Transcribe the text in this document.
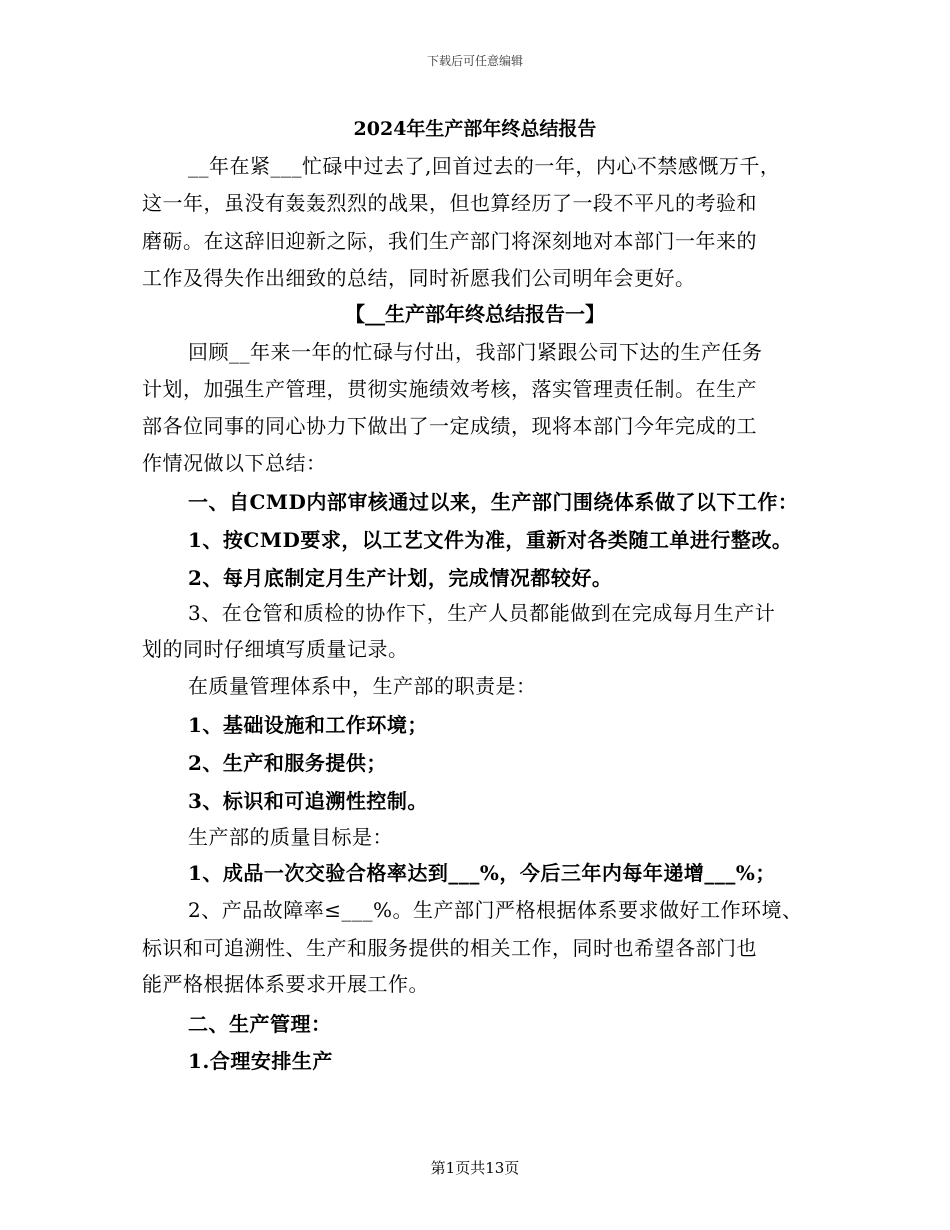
下载后可任意编辑
2024年生产部年终总结报告
__年在紧___忙碌中过去了,回首过去的一年，内心不禁感慨万千，
这一年，虽没有轰轰烈烈的战果，但也算经历了一段不平凡的考验和
磨砺。在这辞旧迎新之际，我们生产部门将深刻地对本部门一年来的
工作及得失作出细致的总结，同时祈愿我们公司明年会更好。
【__生产部年终总结报告一】
回顾__年来一年的忙碌与付出，我部门紧跟公司下达的生产任务
计划，加强生产管理，贯彻实施绩效考核，落实管理责任制。在生产
部各位同事的同心协力下做出了一定成绩，现将本部门今年完成的工
作情况做以下总结：
一、自CMD内部审核通过以来，生产部门围绕体系做了以下工作：
1、按CMD要求，以工艺文件为准，重新对各类随工单进行整改。
2、每月底制定月生产计划，完成情况都较好。
3、在仓管和质检的协作下，生产人员都能做到在完成每月生产计
划的同时仔细填写质量记录。
在质量管理体系中，生产部的职责是：
1、基础设施和工作环境；
2、生产和服务提供；
3、标识和可追溯性控制。
生产部的质量目标是：
1、成品一次交验合格率达到___%，今后三年内每年递增___%；
2、产品故障率≤___%。生产部门严格根据体系要求做好工作环境、
标识和可追溯性、生产和服务提供的相关工作，同时也希望各部门也
能严格根据体系要求开展工作。
二、生产管理：
1.合理安排生产
第1页共13页
